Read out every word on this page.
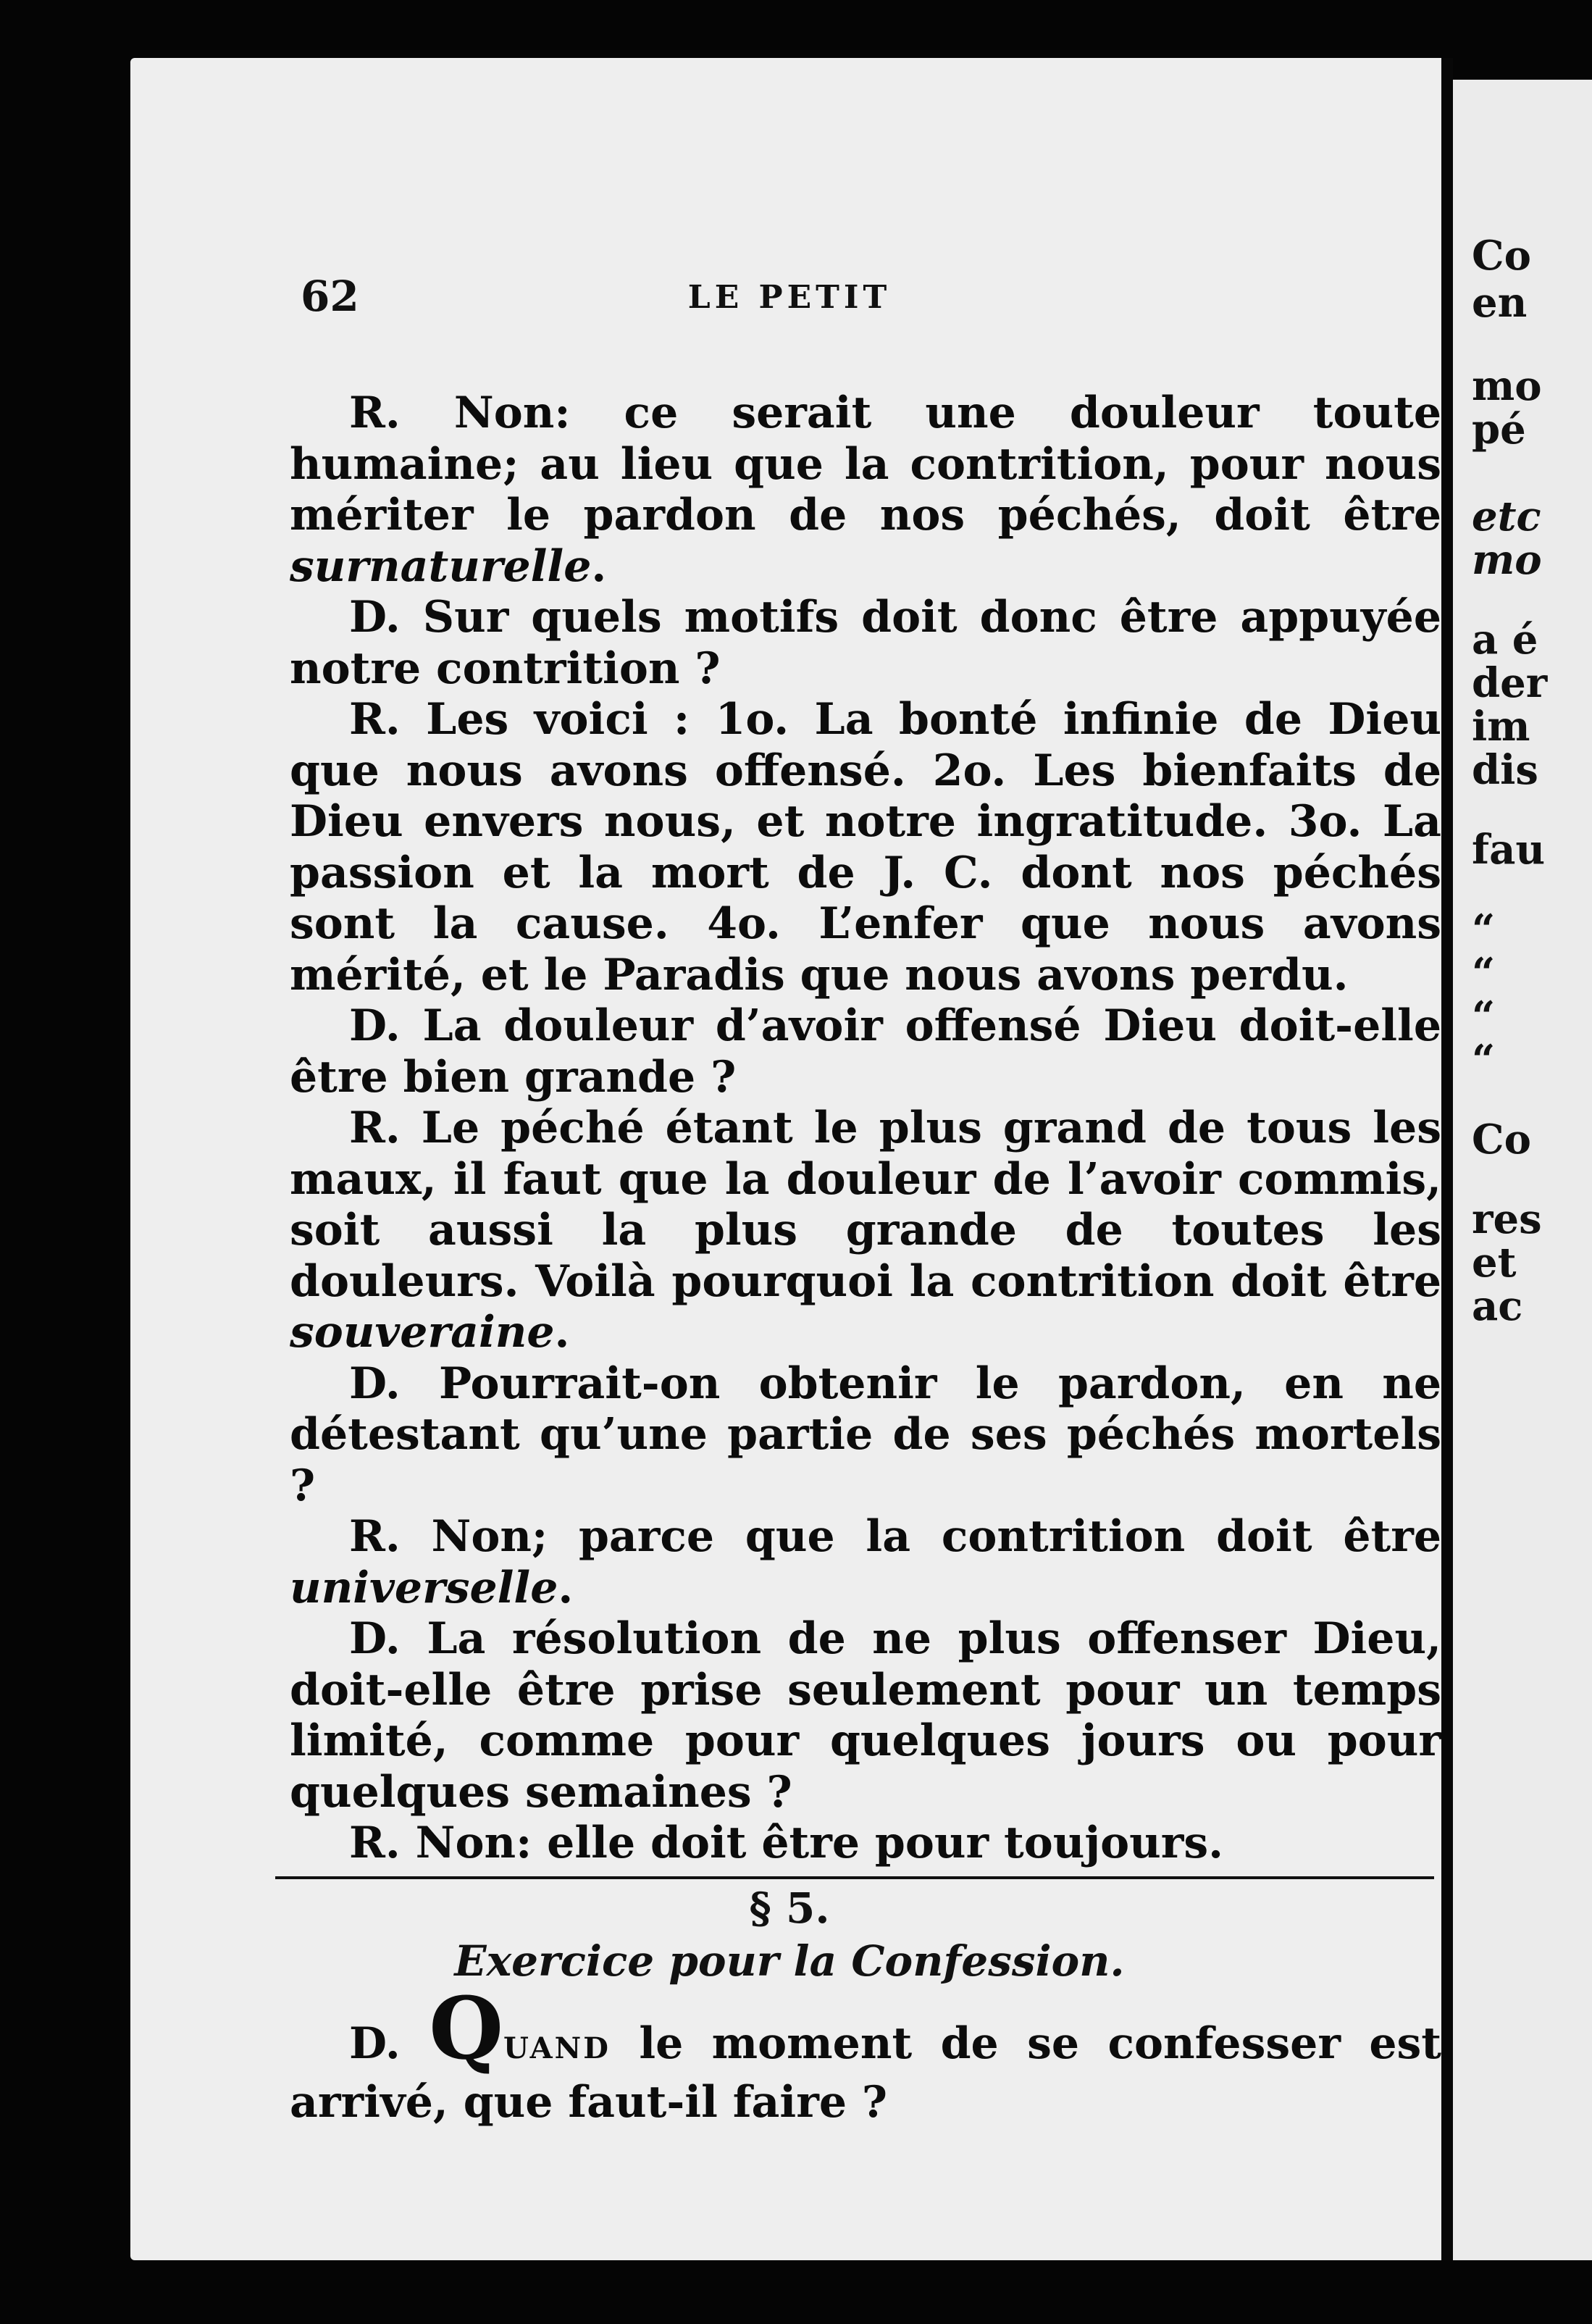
62	LE PETIT

R. Non: ce serait une douleur toute humaine; au lieu que la contrition, pour nous mériter le pardon de nos péchés, doit être surnaturelle.

D. Sur quels motifs doit donc être appuyée notre contrition ?

R. Les voici : 1o. La bonté infinie de Dieu que nous avons offensé. 2o. Les bienfaits de Dieu envers nous, et notre ingratitude. 3o. La passion et la mort de J. C. dont nos péchés sont la cause. 4o. L’enfer que nous avons mérité, et le Paradis que nous avons perdu.

D. La douleur d’avoir offensé Dieu doit-elle être bien grande ?

R. Le péché étant le plus grand de tous les maux, il faut que la douleur de l’avoir commis, soit aussi la plus grande de toutes les douleurs. Voilà pourquoi la contrition doit être souveraine.

D. Pourrait-on obtenir le pardon, en ne détestant qu’une partie de ses péchés mortels ?

R. Non; parce que la contrition doit être universelle.

D. La résolution de ne plus offenser Dieu, doit-elle être prise seulement pour un temps limité, comme pour quelques jours ou pour quelques semaines ?

R. Non: elle doit être pour toujours.

§ 5.
Exercice pour la Confession.

D. QUAND le moment de se confesser est arrivé, que faut-il faire ?

Co
en
mo
pé
etc
mo
a é
der
im
dis
fau
“
“
“
“
Co
res
et
ac
